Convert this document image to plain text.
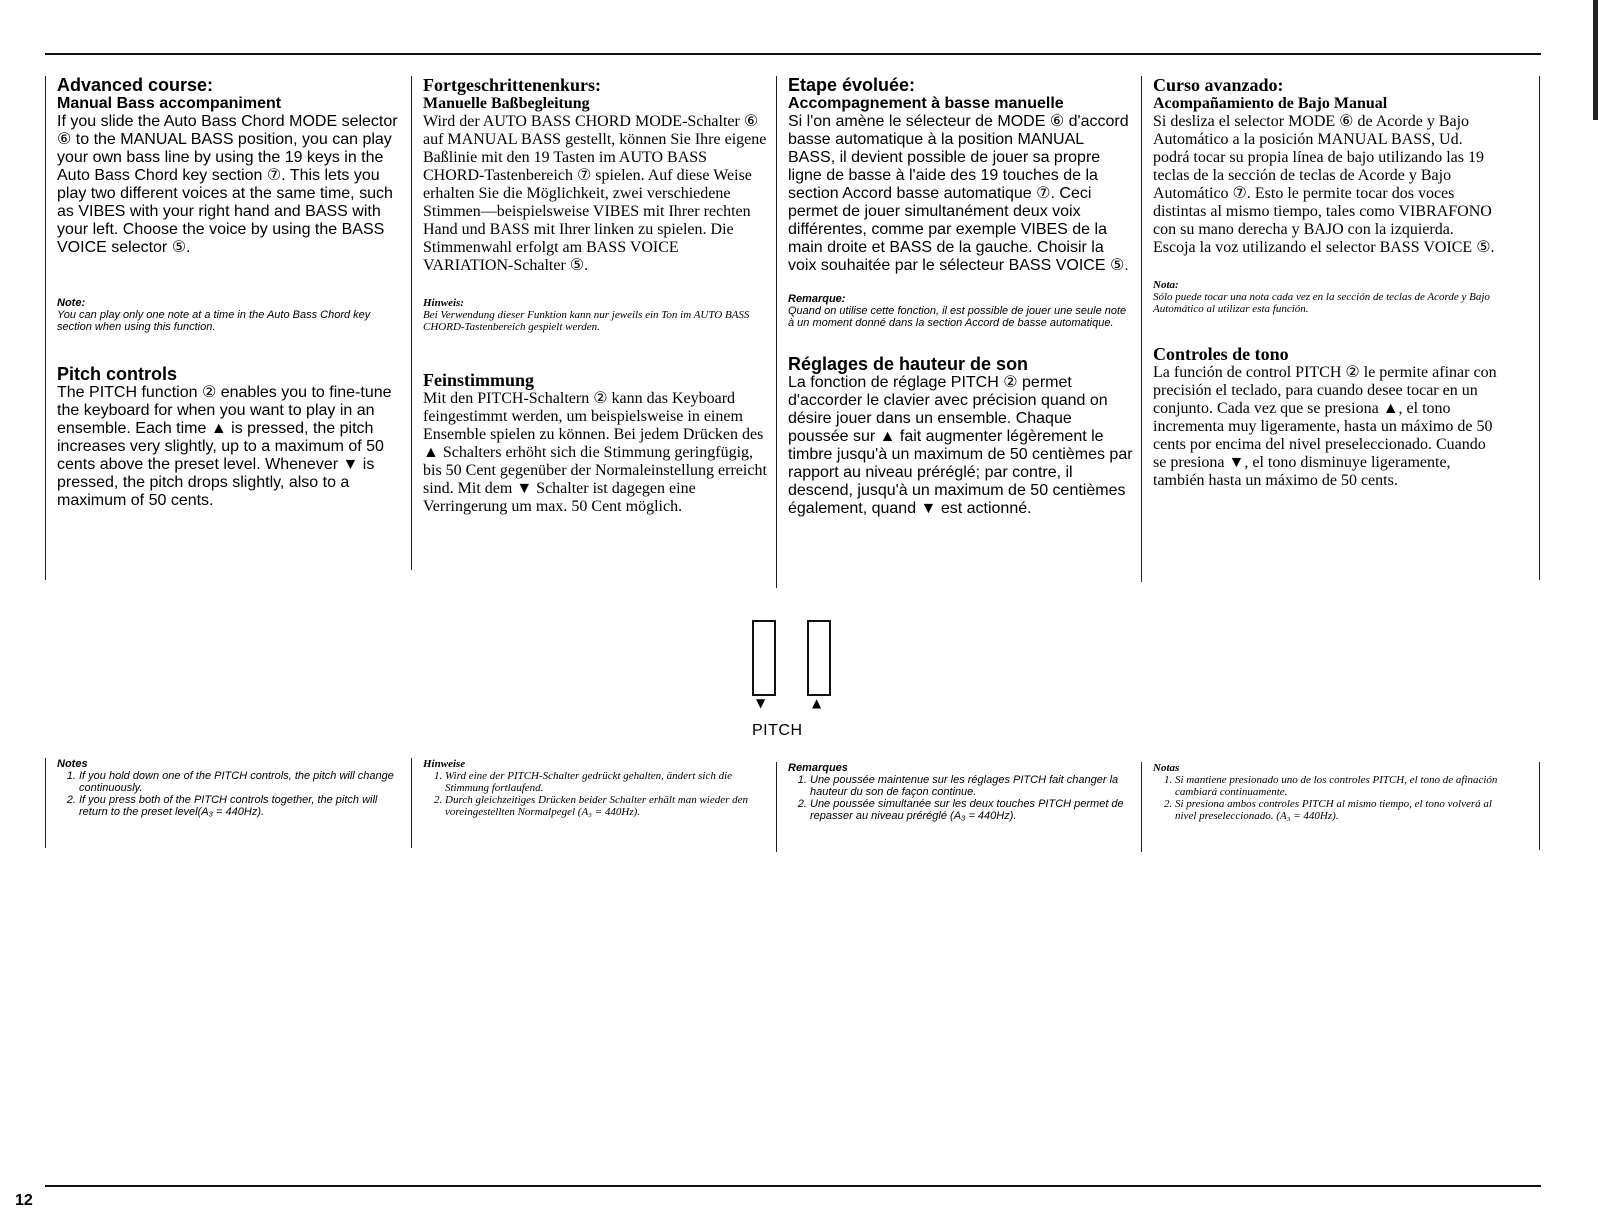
Advanced course:

Manual Bass accompaniment

If you slide the Auto Bass Chord MODE selector ⑥ to the MANUAL BASS position, you can play your own bass line by using the 19 keys in the Auto Bass Chord key section ⑦. This lets you play two different voices at the same time, such as VIBES with your right hand and BASS with your left. Choose the voice by using the BASS VOICE selector ⑤.

Note:

You can play only one note at a time in the Auto Bass Chord key section when using this function.

Pitch controls

The PITCH function ② enables you to fine-tune the keyboard for when you want to play in an ensemble. Each time ▲ is pressed, the pitch increases very slightly, up to a maximum of 50 cents above the preset level. Whenever ▼ is pressed, the pitch drops slightly, also to a maximum of 50 cents.

Fortgeschrittenenkurs:

Manuelle Baßbegleitung

Wird der AUTO BASS CHORD MODE-Schalter ⑥ auf MANUAL BASS gestellt, können Sie Ihre eigene Baßlinie mit den 19 Tasten im AUTO BASS CHORD-Tastenbereich ⑦ spielen. Auf diese Weise erhalten Sie die Möglichkeit, zwei verschiedene Stimmen—beispielsweise VIBES mit Ihrer rechten Hand und BASS mit Ihrer linken zu spielen. Die Stimmenwahl erfolgt am BASS VOICE VARIATION-Schalter ⑤.

Hinweis:

Bei Verwendung dieser Funktion kann nur jeweils ein Ton im AUTO BASS CHORD-Tastenbereich gespielt werden.

Feinstimmung

Mit den PITCH-Schaltern ② kann das Keyboard feingestimmt werden, um beispielsweise in einem Ensemble spielen zu können. Bei jedem Drücken des ▲ Schalters erhöht sich die Stimmung geringfügig, bis 50 Cent gegenüber der Normaleinstellung erreicht sind. Mit dem ▼ Schalter ist dagegen eine Verringerung um max. 50 Cent möglich.

Etape évoluée:

Accompagnement à basse manuelle

Si l'on amène le sélecteur de MODE ⑥ d'accord basse automatique à la position MANUAL BASS, il devient possible de jouer sa propre ligne de basse à l'aide des 19 touches de la section Accord basse automatique ⑦. Ceci permet de jouer simultanément deux voix différentes, comme par exemple VIBES de la main droite et BASS de la gauche. Choisir la voix souhaitée par le sélecteur BASS VOICE ⑤.

Remarque:

Quand on utilise cette fonction, il est possible de jouer une seule note à un moment donné dans la section Accord de basse automatique.

Réglages de hauteur de son

La fonction de réglage PITCH ② permet d'accorder le clavier avec précision quand on désire jouer dans un ensemble. Chaque poussée sur ▲ fait augmenter légèrement le timbre jusqu'à un maximum de 50 centièmes par rapport au niveau préréglé; par contre, il descend, jusqu'à un maximum de 50 centièmes également, quand ▼ est actionné.

Curso avanzado:

Acompañamiento de Bajo Manual

Si desliza el selector MODE ⑥ de Acorde y Bajo Automático a la posición MANUAL BASS, Ud. podrá tocar su propia línea de bajo utilizando las 19 teclas de la sección de teclas de Acorde y Bajo Automático ⑦. Esto le permite tocar dos voces distintas al mismo tiempo, tales como VIBRAFONO con su mano derecha y BAJO con la izquierda. Escoja la voz utilizando el selector BASS VOICE ⑤.

Nota:

Sólo puede tocar una nota cada vez en la sección de teclas de Acorde y Bajo Automático al utilizar esta función.

Controles de tono

La función de control PITCH ② le permite afinar con precisión el teclado, para cuando desee tocar en un conjunto. Cada vez que se presiona ▲, el tono incrementa muy ligeramente, hasta un máximo de 50 cents por encima del nivel preseleccionado. Cuando se presiona ▼, el tono disminuye ligeramente, también hasta un máximo de 50 cents.

▼	▲
PITCH

Notes

1. If you hold down one of the PITCH controls, the pitch will change continuously.
2. If you press both of the PITCH controls together, the pitch will return to the preset level(A₃ = 440Hz).

Hinweise

1. Wird eine der PITCH-Schalter gedrückt gehalten, ändert sich die Stimmung fortlaufend.
2. Durch gleichzeitiges Drücken beider Schalter erhält man wieder den voreingestellten Normalpegel (A₃ = 440Hz).

Remarques

1. Une poussée maintenue sur les réglages PITCH fait changer la hauteur du son de façon continue.
2. Une poussée simultanée sur les deux touches PITCH permet de repasser au niveau préréglé (A₃ = 440Hz).

Notas

1. Si mantiene presionado uno de los controles PITCH, el tono de afinación cambiará continuamente.
2. Si presiona ambos controles PITCH al mismo tiempo, el tono volverá al nivel preseleccionado. (A₃ = 440Hz).
12
